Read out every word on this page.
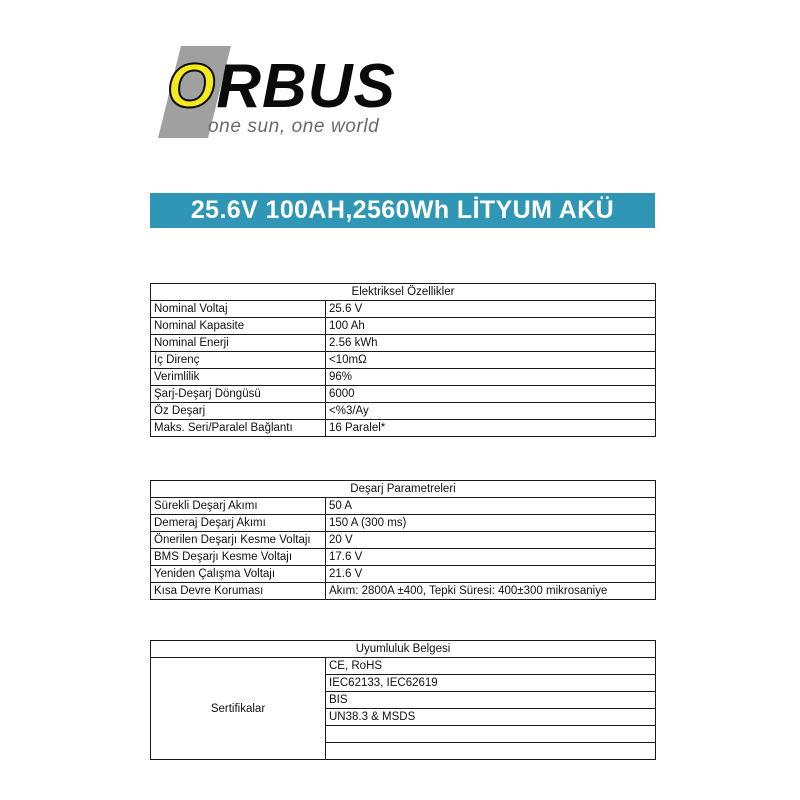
ORBUS
one sun, one world
25.6V 100AH,2560Wh LİTYUM AKÜ
Elektriksel Özellikler	
Nominal Voltaj	25.6 V
Nominal Kapasite	100 Ah
Nominal Enerji	2.56 kWh
İç Direnç	<10mΩ
Verimlilik	96%
Şarj-Deşarj Döngüsü	6000
Öz Deşarj	<%3/Ay
Maks. Seri/Paralel Bağlantı	16 Paralel*
Deşarj Parametreleri	
Sürekli Deşarj Akımı	50 A
Demeraj Deşarj Akımı	150 A (300 ms)
Önerilen Deşarjı Kesme Voltajı	20 V
BMS Deşarjı Kesme Voltajı	17.6 V
Yeniden Çalışma Voltajı	21.6 V
Kısa Devre Koruması	Akım: 2800A ±400, Tepki Süresi: 400±300 mikrosaniye
Uyumluluk Belgesi
Sertifikalar	CE, RoHS
IEC62133, IEC62619
BIS
UN38.3 & MSDS
